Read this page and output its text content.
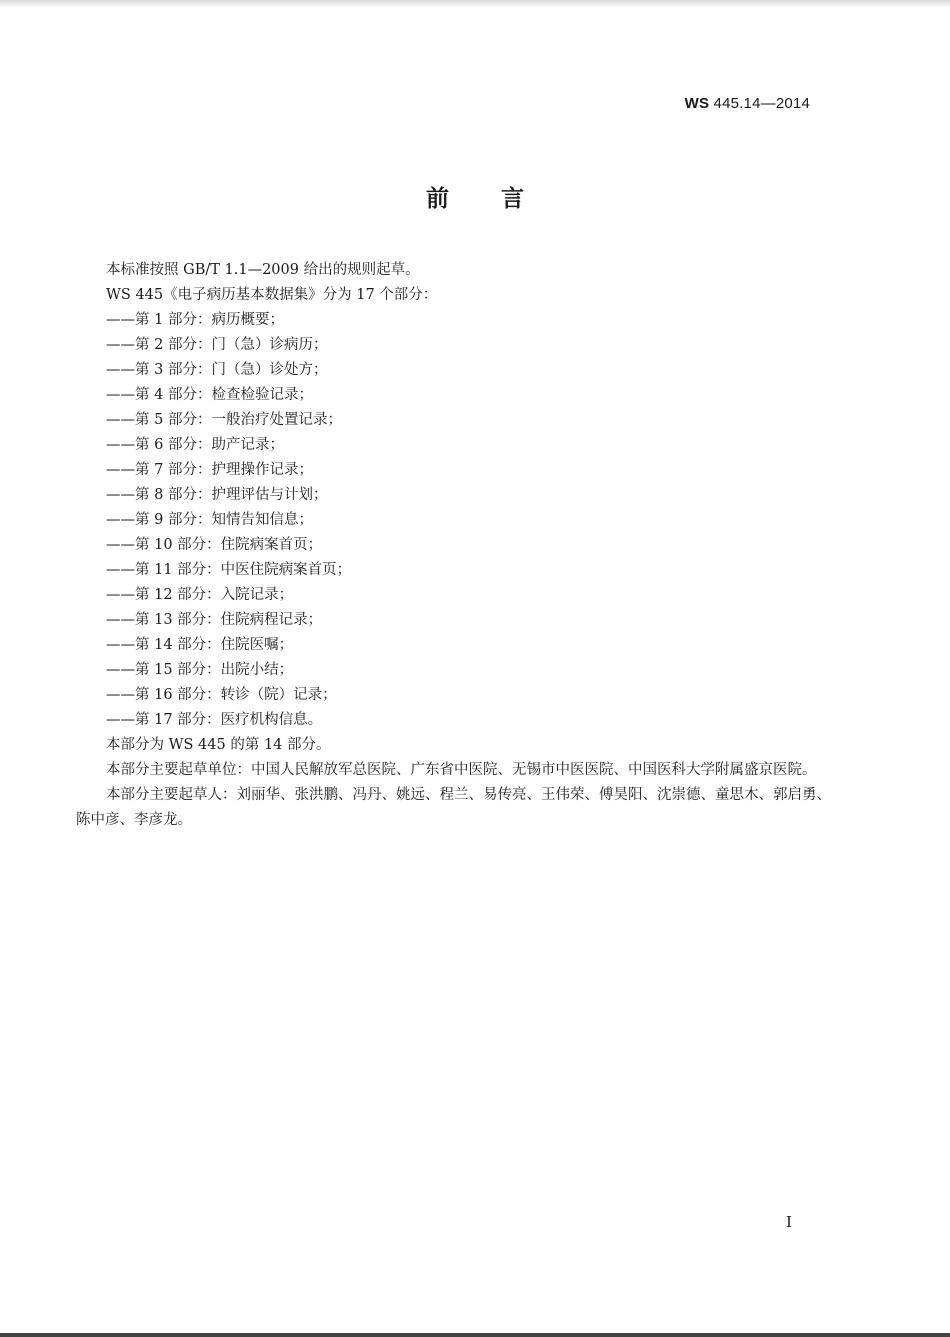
WS 445.14—2014
前言

本标准按照 GB/T 1.1—2009 给出的规则起草。

WS 445《电子病历基本数据集》分为 17 个部分：

——第 1 部分：病历概要；
——第 2 部分：门（急）诊病历；
——第 3 部分：门（急）诊处方；
——第 4 部分：检查检验记录；
——第 5 部分：一般治疗处置记录；
——第 6 部分：助产记录；
——第 7 部分：护理操作记录；
——第 8 部分：护理评估与计划；
——第 9 部分：知情告知信息；
——第 10 部分：住院病案首页；
——第 11 部分：中医住院病案首页；
——第 12 部分：入院记录；
——第 13 部分：住院病程记录；
——第 14 部分：住院医嘱；
——第 15 部分：出院小结；
——第 16 部分：转诊（院）记录；
——第 17 部分：医疗机构信息。

本部分为 WS 445 的第 14 部分。

本部分主要起草单位：中国人民解放军总医院、广东省中医院、无锡市中医医院、中国医科大学附属盛京医院。

本部分主要起草人：刘丽华、张洪鹏、冯丹、姚远、程兰、易传亮、王伟荣、傅昊阳、沈崇德、童思木、郭启勇、陈中彦、李彦龙。

I
